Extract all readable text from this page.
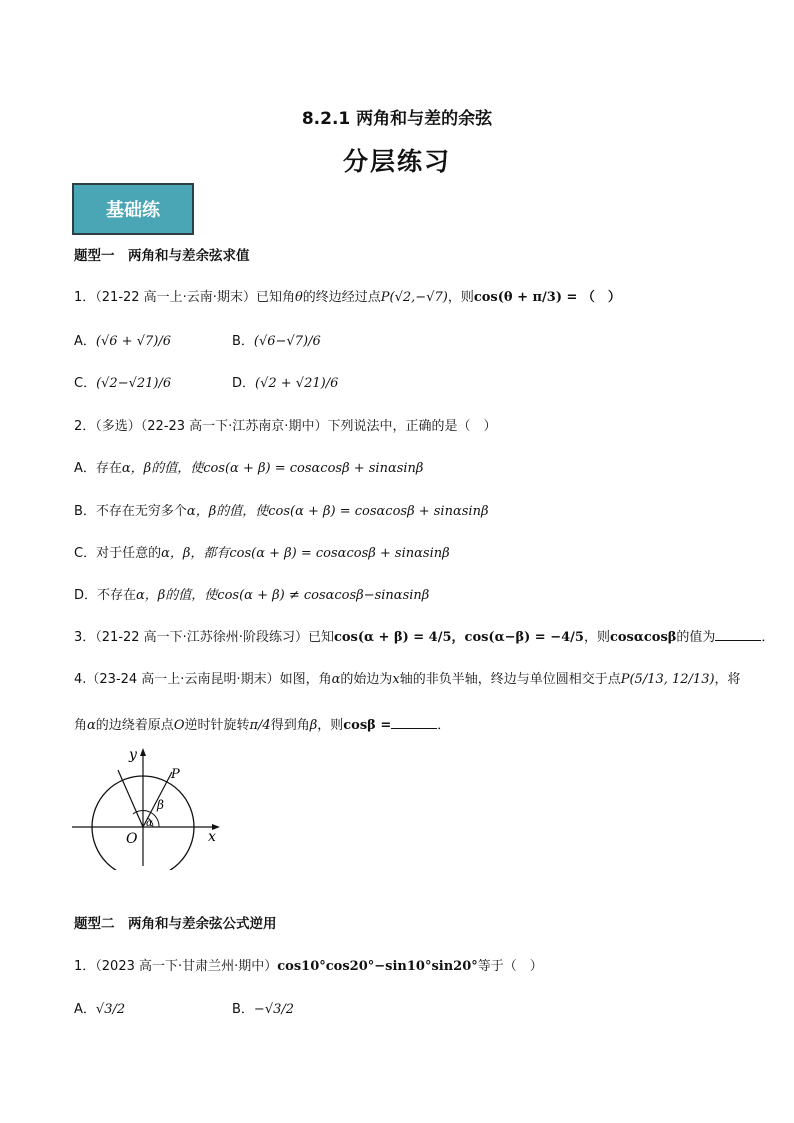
8.2.1 两角和与差的余弦
分层练习
基础练
题型一　两角和与差余弦求值
1．（21-22 高一上·云南·期末）已知角θ的终边经过点P(√2,−√7)，则cos(θ + π/3) = （　）
A．(√6 + √7)/6	B．(√6−√7)/6
C．(√2−√21)/6	D．(√2 + √21)/6
2．（多选）（22-23 高一下·江苏南京·期中）下列说法中，正确的是（　）
A．存在α，β的值，使cos(α + β) = cosαcosβ + sinαsinβ
B．不存在无穷多个α，β的值，使cos(α + β) = cosαcosβ + sinαsinβ
C．对于任意的α，β，都有cos(α + β) = cosαcosβ + sinαsinβ
D．不存在α，β的值，使cos(α + β) ≠ cosαcosβ−sinαsinβ
3．（21-22 高一下·江苏徐州·阶段练习）已知cos(α + β) = 4/5，cos(α−β) = −4/5，则cosαcosβ的值为	．
4.（23-24 高一上·云南昆明·期末）如图，角α的始边为x轴的非负半轴，终边与单位圆相交于点P(5/13, 12/13)，将
角α的边绕着原点O逆时针旋转π/4得到角β，则cosβ =	．
y
x
O
P
α
β
题型二　两角和与差余弦公式逆用
1．（2023 高一下·甘肃兰州·期中）cos10°cos20°−sin10°sin20°等于（　）
A．√3/2	B．−√3/2
